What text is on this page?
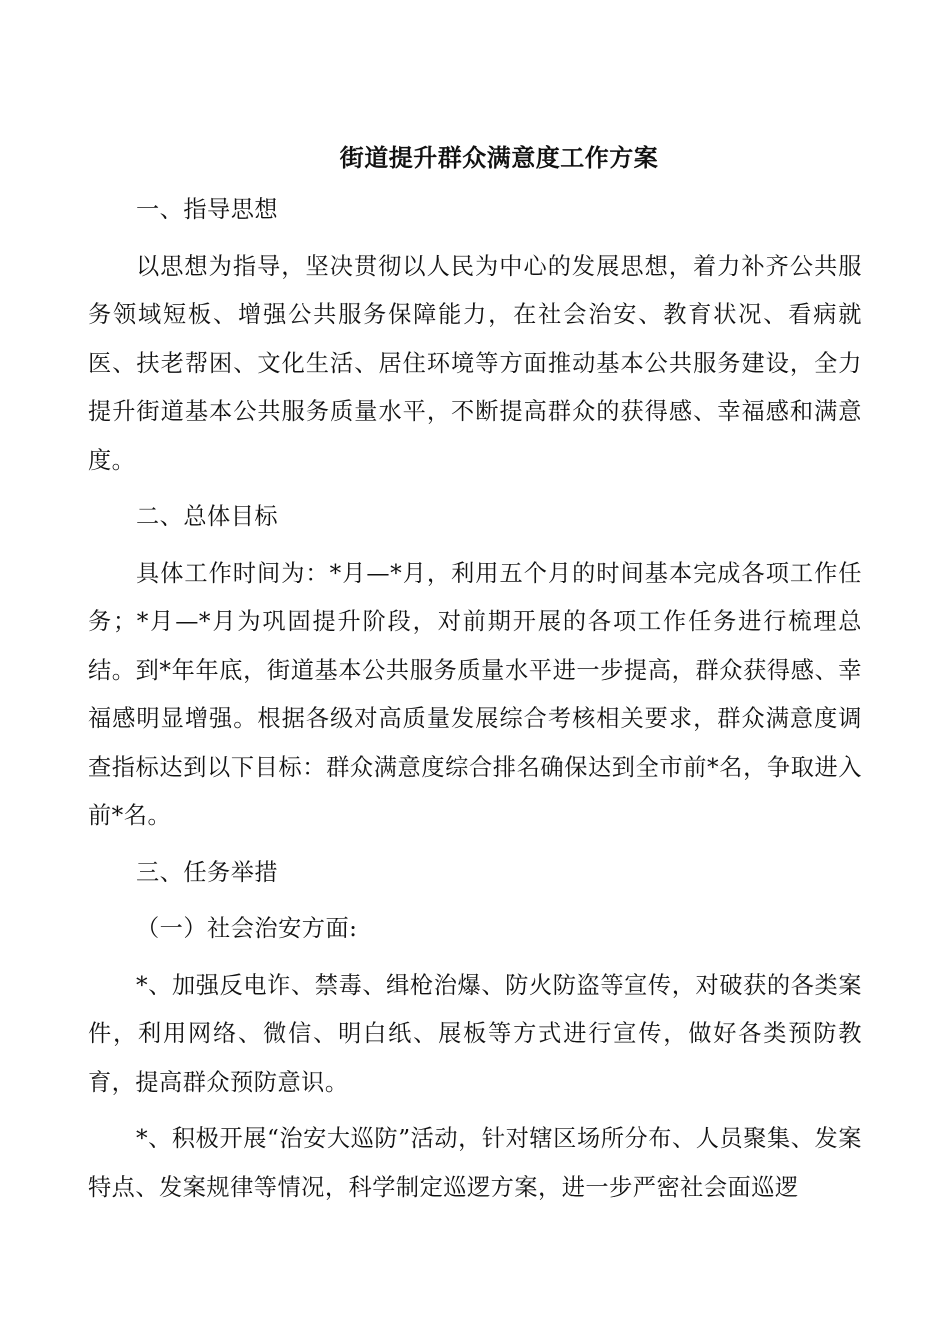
街道提升群众满意度工作方案

一、指导思想

以思想为指导，坚决贯彻以人民为中心的发展思想，着力补齐公共服务领域短板、增强公共服务保障能力，在社会治安、教育状况、看病就医、扶老帮困、文化生活、居住环境等方面推动基本公共服务建设，全力提升街道基本公共服务质量水平，不断提高群众的获得感、幸福感和满意度。

二、总体目标

具体工作时间为：*月—*月，利用五个月的时间基本完成各项工作任务；*月—*月为巩固提升阶段，对前期开展的各项工作任务进行梳理总结。到*年年底，街道基本公共服务质量水平进一步提高，群众获得感、幸福感明显增强。根据各级对高质量发展综合考核相关要求，群众满意度调查指标达到以下目标：群众满意度综合排名确保达到全市前*名，争取进入前*名。

三、任务举措

（一）社会治安方面:

*、加强反电诈、禁毒、缉枪治爆、防火防盗等宣传，对破获的各类案件，利用网络、微信、明白纸、展板等方式进行宣传，做好各类预防教育，提高群众预防意识。

*、积极开展“治安大巡防”活动，针对辖区场所分布、人员聚集、发案特点、发案规律等情况，科学制定巡逻方案，进一步严密社会面巡逻
